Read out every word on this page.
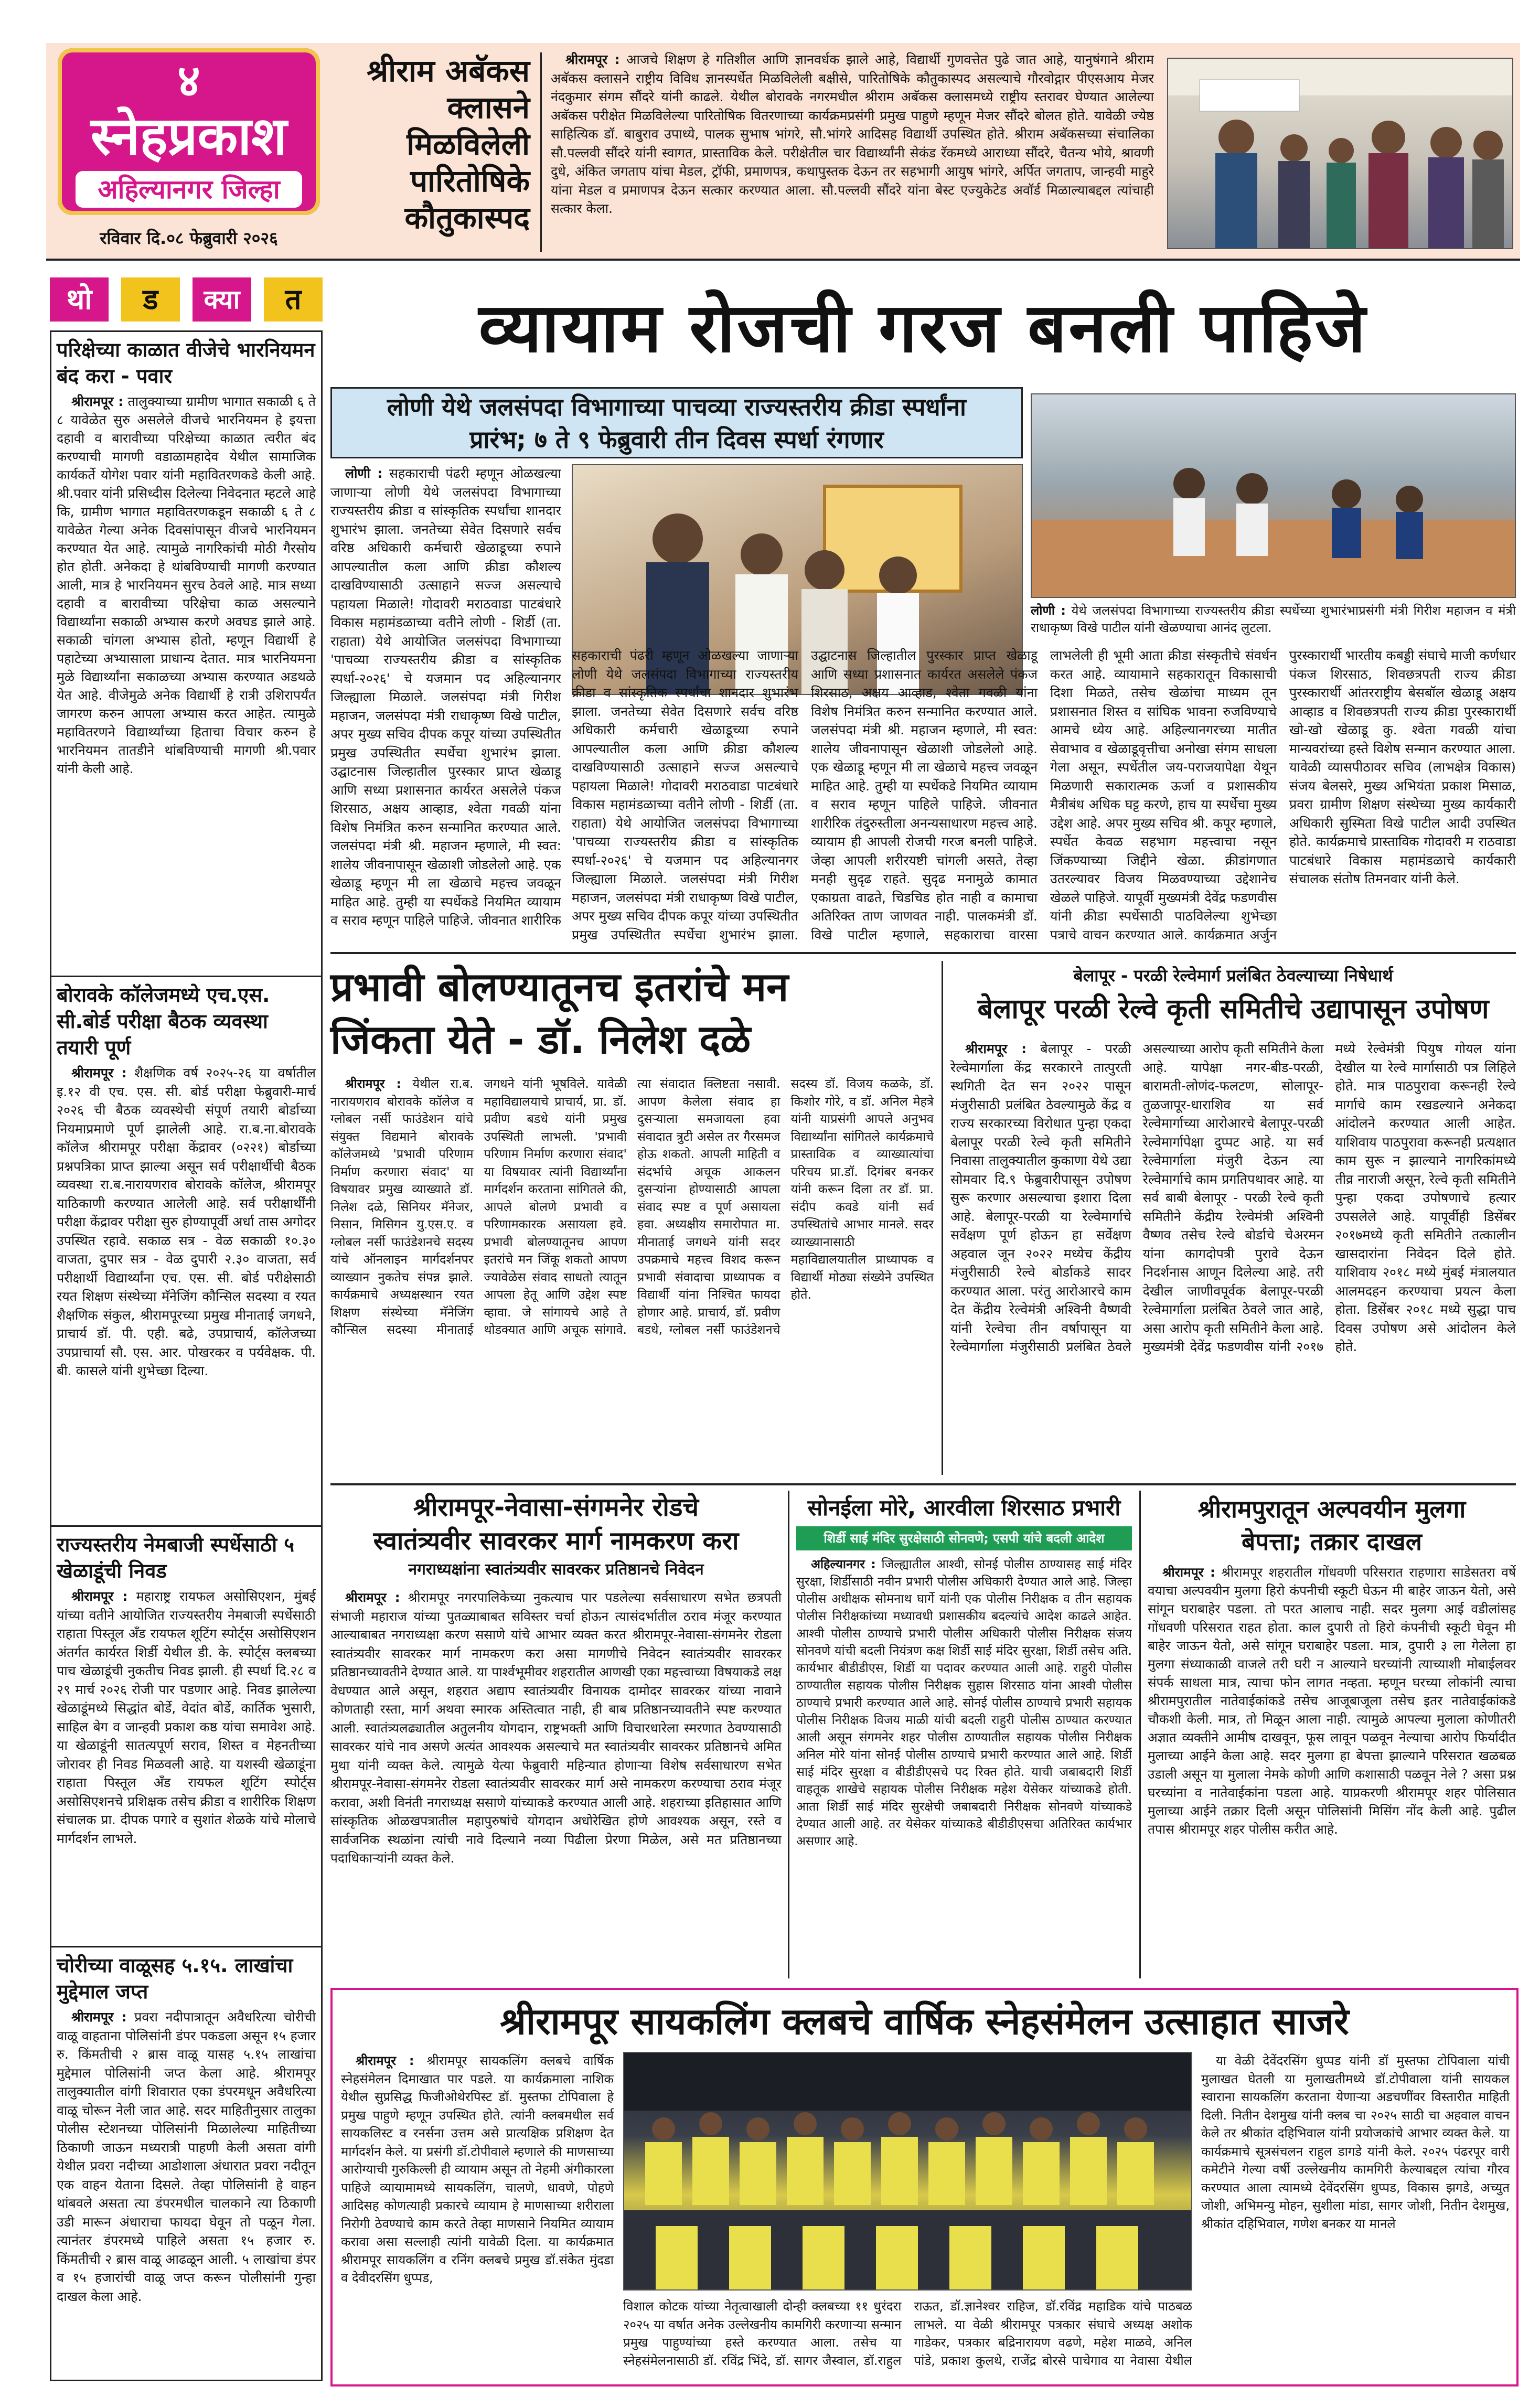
४
स्नेहप्रकाश
अहिल्यानगर जिल्हा
रविवार दि.०८ फेब्रुवारी २०२६
श्रीराम अबॅकस
क्लासने
मिळविलेली
पारितोषिके
कौतुकास्पद

श्रीरामपूर : आजचे शिक्षण हे गतिशील आणि ज्ञानवर्धक झाले आहे, विद्यार्थी गुणवत्तेत पुढे जात आहे, यानुषंगाने श्रीराम अबॅकस क्लासने राष्ट्रीय विविध ज्ञानस्पर्धेत मिळविलेली बक्षीसे, पारितोषिके कौतुकास्पद असल्याचे गौरवोद्गार पीएसआय मेजर नंदकुमार संगम सौंदरे यांनी काढले. येथील बोरावके नगरमधील श्रीराम अबॅकस क्लासमध्ये राष्ट्रीय स्तरावर घेण्यात आलेल्या अबॅकस परीक्षेत मिळविलेल्या पारितोषिक वितरणाच्या कार्यक्रमप्रसंगी प्रमुख पाहुणे म्हणून मेजर सौंदरे बोलत होते. यावेळी ज्येष्ठ साहित्यिक डॉ. बाबुराव उपाध्ये, पालक सुभाष भांगरे, सौ.भांगरे आदिसह विद्यार्थी उपस्थित होते. श्रीराम अबॅकसच्या संचालिका सौ.पल्लवी सौंदरे यांनी स्वागत, प्रास्ताविक केले. परीक्षेतील चार विद्यार्थ्यांनी सेकंड रॅकमध्ये आराध्या सौंदरे, चैतन्य भोये, श्रावणी दुधे, अंकित जगताप यांचा मेडल, ट्रॉफी, प्रमाणपत्र, कथापुस्तक देऊन तर सहभागी आयुष भांगरे, अर्पित जगताप, जान्हवी माहुरे यांना मेडल व प्रमाणपत्र देऊन सत्कार करण्यात आला. सौ.पल्लवी सौंदरे यांना बेस्ट एज्युकेटेड अवॉर्ड मिळाल्याबद्दल त्यांचाही सत्कार केला.

थो	ड	क्या	त
परिक्षेच्या काळात वीजेचे भारनियमन बंद करा - पवार

श्रीरामपूर : तालुक्याच्या ग्रामीण भागात सकाळी ६ ते ८ यावेळेत सुरु असलेले वीजचे भारनियमन हे इयत्ता दहावी व बारावीच्या परिक्षेच्या काळात त्वरीत बंद करण्याची मागणी वडाळामहादेव येथील सामाजिक कार्यकर्ते योगेश पवार यांनी महावितरणकडे केली आहे. श्री.पवार यांनी प्रसिध्दीस दिलेल्या निवेदनात म्हटले आहे कि, ग्रामीण भागात महावितरणकडून सकाळी ६ ते ८ यावेळेत गेल्या अनेक दिवसांपासून वीजचे भारनियमन करण्यात येत आहे. त्यामुळे नागरिकांची मोठी गैरसोय होत होती. अनेकदा हे थांबविण्याची मागणी करण्यात आली, मात्र हे भारनियमन सुरच ठेवले आहे. मात्र सध्या दहावी व बारावीच्या परिक्षेचा काळ असल्याने विद्यार्थ्यांना सकाळी अभ्यास करणे अवघड झाले आहे. सकाळी चांगला अभ्यास होतो, म्हणून विद्यार्थी हे पहाटेच्या अभ्यासाला प्राधान्य देतात. मात्र भारनियमना मुळे विद्यार्थ्यांना सकाळच्या अभ्यास करण्यात अडथळे येत आहे. वीजेमुळे अनेक विद्यार्थी हे रात्री उशिरापर्यंत जागरण करुन आपला अभ्यास करत आहेत. त्यामुळे महावितरणने विद्यार्थ्यांच्या हिताचा विचार करुन हे भारनियमन तातडीने थांबविण्याची मागणी श्री.पवार यांनी केली आहे.

बोरावके कॉलेजमध्ये एच.एस. सी.बोर्ड परीक्षा बैठक व्यवस्था तयारी पूर्ण

श्रीरामपूर : शैक्षणिक वर्ष २०२५-२६ या वर्षातील इ.१२ वी एच. एस. सी. बोर्ड परीक्षा फेब्रुवारी-मार्च २०२६ ची बैठक व्यवस्थेची संपूर्ण तयारी बोर्डाच्या नियमाप्रमाणे पूर्ण झालेली आहे. रा.ब.ना.बोरावके कॉलेज श्रीरामपूर परीक्षा केंद्रावर (०२२१) बोर्डाच्या प्रश्नपत्रिका प्राप्त झाल्या असून सर्व परीक्षार्थीची बैठक व्यवस्था रा.ब.नारायणराव बोरावके कॉलेज, श्रीरामपूर याठिकाणी करण्यात आलेली आहे. सर्व परीक्षार्थींनी परीक्षा केंद्रावर परीक्षा सुरु होण्यापूर्वी अर्धा तास अगोदर उपस्थित रहावे. सकाळ सत्र - वेळ सकाळी १०.३० वाजता, दुपार सत्र - वेळ दुपारी २.३० वाजता, सर्व परीक्षार्थी विद्यार्थ्यांना एच. एस. सी. बोर्ड परीक्षेसाठी रयत शिक्षण संस्थेच्या मॅनेजिंग कौन्सिल सदस्या व रयत शैक्षणिक संकुल, श्रीरामपूरच्या प्रमुख मीनाताई जगधने, प्राचार्य डॉ. पी. एही. बढे, उपप्राचार्य, कॉलेजच्या उपप्राचार्या सौ. एस. आर. पोखरकर व पर्यवेक्षक. पी. बी. कासले यांनी शुभेच्छा दिल्या.

राज्यस्तरीय नेमबाजी स्पर्धेसाठी ५ खेळाडूंची निवड

श्रीरामपूर : महाराष्ट्र रायफल असोसिएशन, मुंबई यांच्या वतीने आयोजित राज्यस्तरीय नेमबाजी स्पर्धेसाठी राहाता पिस्तूल अँड रायफल शूटिंग स्पोर्ट्स असोसिएशन अंतर्गत कार्यरत शिर्डी येथील डी. के. स्पोर्ट्स क्लबच्या पाच खेळाडूंची नुकतीच निवड झाली. ही स्पर्धा दि.२८ व २९ मार्च २०२६ रोजी पार पडणार आहे. निवड झालेल्या खेळाडूंमध्ये सिद्धांत बोर्डे, वेदांत बोर्डे, कार्तिक भुसारी, साहिल बेग व जान्हवी प्रकाश कष्ठ यांचा समावेश आहे. या खेळाडूंनी सातत्यपूर्ण सराव, शिस्त व मेहनतीच्या जोरावर ही निवड मिळवली आहे. या यशस्वी खेळाडूंना राहाता पिस्तूल अँड रायफल शूटिंग स्पोर्ट्स असोसिएशनचे प्रशिक्षक तसेच क्रीडा व शारीरिक शिक्षण संचालक प्रा. दीपक पगारे व सुशांत शेळके यांचे मोलाचे मार्गदर्शन लाभले.

चोरीच्या वाळूसह ५.१५. लाखांचा मुद्देमाल जप्त

श्रीरामपूर : प्रवरा नदीपात्रातून अवैधरित्या चोरीची वाळू वाहताना पोलिसांनी डंपर पकडला असून १५ हजार रु. किंमतीची २ ब्रास वाळू यासह ५.१५ लाखांचा मुद्देमाल पोलिसांनी जप्त केला आहे. श्रीरामपूर तालुक्यातील वांगी शिवारात एका डंपरमधून अवैधरित्या वाळू चोरून नेली जात आहे. सदर माहितीनुसार तालुका पोलीस स्टेशनच्या पोलिसांनी मिळालेल्या माहितीच्या ठिकाणी जाऊन मध्यरात्री पाहणी केली असता वांगी येथील प्रवरा नदीच्या आडोशाला अंधारात प्रवरा नदीतून एक वाहन येताना दिसले. तेव्हा पोलिसांनी हे वाहन थांबवले असता त्या डंपरमधील चालकाने त्या ठिकाणी उडी मारून अंधाराचा फायदा घेवून तो पळून गेला. त्यानंतर डंपरमध्ये पाहिले असता १५ हजार रु. किंमतीची २ ब्रास वाळू आढळून आली. ५ लाखांचा डंपर व १५ हजारांची वाळू जप्त करून पोलीसांनी गुन्हा दाखल केला आहे.

व्यायाम रोजची गरज बनली पाहिजे
लोणी येथे जलसंपदा विभागाच्या पाचव्या राज्यस्तरीय क्रीडा स्पर्धांना
प्रारंभ; ७ ते ९ फेब्रुवारी तीन दिवस स्पर्धा रंगणार

लोणी : सहकाराची पंढरी म्हणून ओळखल्या जाणाऱ्या लोणी येथे जलसंपदा विभागाच्या राज्यस्तरीय क्रीडा व सांस्कृतिक स्पर्धांचा शानदार शुभारंभ झाला. जनतेच्या सेवेत दिसणारे सर्वच वरिष्ठ अधिकारी कर्मचारी खेळाडूच्या रुपाने आपल्यातील कला आणि क्रीडा कौशल्य दाखविण्यासाठी उत्साहाने सज्ज असल्याचे पहायला मिळाले! गोदावरी मराठवाडा पाटबंधारे विकास महामंडळाच्या वतीने लोणी - शिर्डी (ता. राहाता) येथे आयोजित जलसंपदा विभागाच्या 'पाचव्या राज्यस्तरीय क्रीडा व सांस्कृतिक स्पर्धा-२०२६' चे यजमान पद अहिल्यानगर जिल्ह्याला मिळाले. जलसंपदा मंत्री गिरीश महाजन, जलसंपदा मंत्री राधाकृष्ण विखे पाटील, अपर मुख्य सचिव दीपक कपूर यांच्या उपस्थितीत प्रमुख उपस्थितीत स्पर्धेचा शुभारंभ झाला. उद्घाटनास जिल्हातील पुरस्कार प्राप्त खेळाडू आणि सध्या प्रशासनात कार्यरत असलेले पंकज शिरसाठ, अक्षय आव्हाड, श्वेता गवळी यांना विशेष निमंत्रित करुन सन्मानित करण्यात आले. जलसंपदा मंत्री श्री. महाजन म्हणाले, मी स्वत: शालेय जीवनापासून खेळाशी जोडलेलो आहे. एक खेळाडू म्हणून मी ला खेळाचे महत्त्व जवळून माहित आहे. तुम्ही या स्पर्धेकडे नियमित व्यायाम व सराव म्हणून पाहिले पाहिजे. जीवनात शारीरिक

लोणी : येथे जलसंपदा विभागाच्या राज्यस्तरीय क्रीडा स्पर्धेच्या शुभारंभाप्रसंगी मंत्री गिरीश महाजन व मंत्री राधाकृष्ण विखे पाटील यांनी खेळण्याचा आनंद लुटला.

सहकाराची पंढरी म्हणून ओळखल्या जाणाऱ्या लोणी येथे जलसंपदा विभागाच्या राज्यस्तरीय क्रीडा व सांस्कृतिक स्पर्धांचा शानदार शुभारंभ झाला. जनतेच्या सेवेत दिसणारे सर्वच वरिष्ठ अधिकारी कर्मचारी खेळाडूच्या रुपाने आपल्यातील कला आणि क्रीडा कौशल्य दाखविण्यासाठी उत्साहाने सज्ज असल्याचे पहायला मिळाले! गोदावरी मराठवाडा पाटबंधारे विकास महामंडळाच्या वतीने लोणी - शिर्डी (ता. राहाता) येथे आयोजित जलसंपदा विभागाच्या 'पाचव्या राज्यस्तरीय क्रीडा व सांस्कृतिक स्पर्धा-२०२६' चे यजमान पद अहिल्यानगर जिल्ह्याला मिळाले. जलसंपदा मंत्री गिरीश महाजन, जलसंपदा मंत्री राधाकृष्ण विखे पाटील, अपर मुख्य सचिव दीपक कपूर यांच्या उपस्थितीत प्रमुख उपस्थितीत स्पर्धेचा शुभारंभ झाला. उद्घाटनास जिल्हातील पुरस्कार प्राप्त खेळाडू आणि सध्या प्रशासनात कार्यरत असलेले पंकज शिरसाठ, अक्षय आव्हाड, श्वेता गवळी यांना विशेष निमंत्रित करुन सन्मानित करण्यात आले. जलसंपदा मंत्री श्री. महाजन म्हणाले, मी स्वत: शालेय जीवनापासून खेळाशी जोडलेलो आहे. एक खेळाडू म्हणून मी ला खेळाचे महत्त्व जवळून माहित आहे. तुम्ही या स्पर्धेकडे नियमित व्यायाम व सराव म्हणून पाहिले पाहिजे. जीवनात शारीरिक तंदुरुस्तीला अनन्यसाधारण महत्त्व आहे. व्यायाम ही आपली रोजची गरज बनली पाहिजे. जेव्हा आपली शरीरयष्टी चांगली असते, तेव्हा मनही सुदृढ राहते. सुदृढ मनामुळे कामात एकाग्रता वाढते, चिडचिड होत नाही व कामाचा अतिरिक्त ताण जाणवत नाही. पालकमंत्री डॉ. विखे पाटील म्हणाले, सहकाराचा वारसा लाभलेली ही भूमी आता क्रीडा संस्कृतीचे संवर्धन करत आहे. व्यायामाने सहकारातून विकासाची दिशा मिळते, तसेच खेळांचा माध्यम तून प्रशासनात शिस्त व सांघिक भावना रुजविण्याचे आमचे ध्येय आहे. अहिल्यानगरच्या मातीत सेवाभाव व खेळाडूवृत्तीचा अनोखा संगम साधला गेला असून, स्पर्धेतील जय-पराजयापेक्षा येथून मिळणारी सकारात्मक ऊर्जा व प्रशासकीय मैत्रीबंध अधिक घट्ट करणे, हाच या स्पर्धेचा मुख्य उद्देश आहे. अपर मुख्य सचिव श्री. कपूर म्हणाले, स्पर्धेत केवळ सहभाग महत्त्वाचा नसून जिंकण्याच्या जिद्दीने खेळा. क्रीडांगणात उतरल्यावर विजय मिळवण्याच्या उद्देशानेच खेळले पाहिजे. यापूर्वी मुख्यमंत्री देवेंद्र फडणवीस यांनी क्रीडा स्पर्धेसाठी पाठविलेल्या शुभेच्छा पत्राचे वाचन करण्यात आले. कार्यक्रमात अर्जुन पुरस्कारार्थी भारतीय कबड्डी संघाचे माजी कर्णधार पंकज शिरसाठ, शिवछत्रपती राज्य क्रीडा पुरस्कारार्थी आंतरराष्ट्रीय बेसबॉल खेळाडू अक्षय आव्हाड व शिवछत्रपती राज्य क्रीडा पुरस्कारार्थी खो-खो खेळाडू कु. श्वेता गवळी यांचा मान्यवरांच्या हस्ते विशेष सन्मान करण्यात आला. यावेळी व्यासपीठावर सचिव (लाभक्षेत्र विकास) संजय बेलसरे, मुख्य अभियंता प्रकाश मिसाळ, प्रवरा ग्रामीण शिक्षण संस्थेच्या मुख्य कार्यकारी अधिकारी सुस्मिता विखे पाटील आदी उपस्थित होते. कार्यक्रमाचे प्रास्ताविक गोदावरी म राठवाडा पाटबंधारे विकास महामंडळाचे कार्यकारी संचालक संतोष तिमनवार यांनी केले.

प्रभावी बोलण्यातूनच इतरांचे मन
जिंकता येते - डॉ. निलेश दळे

श्रीरामपूर : येथील रा.ब. नारायणराव बोरावके कॉलेज व ग्लोबल नर्सी फाउंडेशन यांचे संयुक्त विद्यमाने बोरावके कॉलेजमध्ये 'प्रभावी परिणाम निर्माण करणारा संवाद' या विषयावर प्रमुख व्याख्याते डॉ. निलेश दळे, सिनियर मॅनेजर, निसान, मिसिगन यु.एस.ए. व ग्लोबल नर्सी फाउंडेशनचे सदस्य यांचे ऑनलाइन मार्गदर्शनपर व्याख्यान नुकतेच संपन्न झाले. कार्यक्रमाचे अध्यक्षस्थान रयत शिक्षण संस्थेच्या मॅनेजिंग कौन्सिल सदस्या मीनाताई जगधने यांनी भूषविले. यावेळी महाविद्यालयाचे प्राचार्य, प्रा. डॉ. प्रवीण बडधे यांनी प्रमुख उपस्थिती लाभली. 'प्रभावी परिणाम निर्माण करणारा संवाद' या विषयावर त्यांनी विद्यार्थ्यांना मार्गदर्शन करताना सांगितले की, आपले बोलणे प्रभावी व परिणामकारक असायला हवे. प्रभावी बोलण्यातूनच आपण इतरांचे मन जिंकू शकतो आपण ज्यावेळेस संवाद साधतो त्यातून आपला हेतू आणि उद्देश स्पष्ट व्हावा. जे सांगायचे आहे ते थोडक्यात आणि अचूक सांगावे. त्या संवादात क्लिष्टता नसावी. आपण केलेला संवाद हा दुसऱ्याला समजायला हवा संवादात त्रुटी असेल तर गैरसमज होऊ शकतो. आपली माहिती व संदर्भाचे अचूक आकलन दुसऱ्यांना होण्यासाठी आपला संवाद स्पष्ट व पूर्ण असायला हवा. अध्यक्षीय समारोपात मा. मीनाताई जगधने यांनी सदर उपक्रमाचे महत्त्व विशद करून प्रभावी संवादाचा प्राध्यापक व विद्यार्थी यांना निश्चित फायदा होणार आहे. प्राचार्य, डॉ. प्रवीण बडधे, ग्लोबल नर्सी फाउंडेशनचे सदस्य डॉ. विजय कळके, डॉ. किशोर गोरे, व डॉ. अनिल मेहत्रे यांनी याप्रसंगी आपले अनुभव विद्यार्थ्यांना सांगितले कार्यक्रमाचे प्रास्ताविक व व्याख्यात्यांचा परिचय प्रा.डॉ. दिगंबर बनकर यांनी करून दिला तर डॉ. प्रा. संदीप कवडे यांनी सर्व उपस्थितांचे आभार मानले. सदर व्याख्यानासाठी महाविद्यालयातील प्राध्यापक व विद्यार्थी मोठ्या संख्येने उपस्थित होते.

बेलापूर - परळी रेल्वेमार्ग प्रलंबित ठेवल्याच्या निषेधार्थ
बेलापूर परळी रेल्वे कृती समितीचे उद्यापासून उपोषण

श्रीरामपूर : बेलापूर - परळी रेल्वेमार्गाला केंद्र सरकारने तात्पुरती स्थगिती देत सन २०२२ पासून मंजुरीसाठी प्रलंबित ठेवल्यामुळे केंद्र व राज्य सरकारच्या विरोधात पुन्हा एकदा बेलापूर परळी रेल्वे कृती समितीने निवासा तालुक्यातील कुकाणा येथे उद्या सोमवार दि.९ फेब्रुवारीपासून उपोषण सुरू करणार असल्याचा इशारा दिला आहे. बेलापूर-परळी या रेल्वेमार्गाचे सर्वेक्षण पूर्ण होऊन हा सर्वेक्षण अहवाल जून २०२२ मध्येच केंद्रीय मंजुरीसाठी रेल्वे बोर्डाकडे सादर करण्यात आला. परंतु आरोआरचे काम देत केंद्रीय रेल्वेमंत्री अश्विनी वैष्णवी यांनी रेल्वेचा तीन वर्षापासून या रेल्वेमार्गाला मंजुरीसाठी प्रलंबित ठेवले असल्याच्या आरोप कृती समितीने केला आहे. यापेक्षा नगर-बीड-परळी, बारामती-लोणंद-फलटण, सोलापूर-तुळजापूर-धाराशिव या सर्व रेल्वेमार्गाच्या आरोआरचे बेलापूर-परळी रेल्वेमार्गापेक्षा दुप्पट आहे. या सर्व रेल्वेमार्गाला मंजुरी देऊन त्या रेल्वेमार्गाचे काम प्रगतिपथावर आहे. या सर्व बाबी बेलापूर - परळी रेल्वे कृती समितीने केंद्रीय रेल्वेमंत्री अश्विनी वैष्णव तसेच रेल्वे बोर्डाचे चेअरमन यांना कागदोपत्री पुरावे देऊन निदर्शनास आणून दिलेल्या आहे. तरी देखील जाणीवपूर्वक बेलापूर-परळी रेल्वेमार्गाला प्रलंबित ठेवले जात आहे, असा आरोप कृती समितीने केला आहे. मुख्यमंत्री देवेंद्र फडणवीस यांनी २०१७ मध्ये रेल्वेमंत्री पियुष गोयल यांना देखील या रेल्वे मार्गासाठी पत्र लिहिले होते. मात्र पाठपुरावा करूनही रेल्वे मार्गाचे काम रखडल्याने अनेकदा आंदोलने करण्यात आली आहेत. याशिवाय पाठपुरावा करूनही प्रत्यक्षात काम सुरू न झाल्याने नागरिकांमध्ये तीव्र नाराजी असून, रेल्वे कृती समितीने पुन्हा एकदा उपोषणाचे हत्यार उपसलेले आहे. यापूर्वीही डिसेंबर २०१७मध्ये कृती समितीने तत्कालीन खासदारांना निवेदन दिले होते. याशिवाय २०१८ मध्ये मुंबई मंत्रालयात आलमदहन करण्याचा प्रयत्न केला होता. डिसेंबर २०१८ मध्ये सुद्धा पाच दिवस उपोषण असे आंदोलन केले होते.

श्रीरामपूर-नेवासा-संगमनेर रोडचे
स्वातंत्र्यवीर सावरकर मार्ग नामकरण करा
नगराध्यक्षांना स्वातंत्र्यवीर सावरकर प्रतिष्ठानचे निवेदन

श्रीरामपूर : श्रीरामपूर नगरपालिकेच्या नुकत्याच पार पडलेल्या सर्वसाधारण सभेत छत्रपती संभाजी महाराज यांच्या पुतळ्याबाबत सविस्तर चर्चा होऊन त्यासंदर्भातील ठराव मंजूर करण्यात आल्याबाबत नगराध्यक्षा करण ससाणे यांचे आभार व्यक्त करत श्रीरामपूर-नेवासा-संगमनेर रोडला स्वातंत्र्यवीर सावरकर मार्ग नामकरण करा असा मागणीचे निवेदन स्वातंत्र्यवीर सावरकर प्रतिष्ठानच्यावतीने देण्यात आले. या पार्श्वभूमीवर शहरातील आणखी एका महत्त्वाच्या विषयाकडे लक्ष वेधण्यात आले असून, शहरात अद्याप स्वातंत्र्यवीर विनायक दामोदर सावरकर यांच्या नावाने कोणताही रस्ता, मार्ग अथवा स्मारक अस्तित्वात नाही, ही बाब प्रतिष्ठानच्यावतीने स्पष्ट करण्यात आली. स्वातंत्र्यलढ्यातील अतुलनीय योगदान, राष्ट्रभक्ती आणि विचारधारेला स्मरणात ठेवण्यासाठी सावरकर यांचे नाव असणे अत्यंत आवश्यक असल्याचे मत स्वातंत्र्यवीर सावरकर प्रतिष्ठानचे अमित मुथा यांनी व्यक्त केले. त्यामुळे येत्या फेब्रुवारी महिन्यात होणाऱ्या विशेष सर्वसाधारण सभेत श्रीरामपूर-नेवासा-संगमनेर रोडला स्वातंत्र्यवीर सावरकर मार्ग असे नामकरण करण्याचा ठराव मंजूर करावा, अशी विनंती नगराध्यक्ष ससाणे यांच्याकडे करण्यात आली आहे. शहराच्या इतिहासात आणि सांस्कृतिक ओळखपत्रातील महापुरुषांचे योगदान अधोरेखित होणे आवश्यक असून, रस्ते व सार्वजनिक स्थळांना त्यांची नावे दिल्याने नव्या पिढीला प्रेरणा मिळेल, असे मत प्रतिष्ठानच्या पदाधिकाऱ्यांनी व्यक्त केले.

सोनईला मोरे, आरवीला शिरसाठ प्रभारी
शिर्डी साई मंदिर सुरक्षेसाठी सोनवणे; एसपी यांचे बदली आदेश

अहिल्यानगर : जिल्ह्यातील आश्वी, सोनई पोलीस ठाण्यासह साई मंदिर सुरक्षा, शिर्डीसाठी नवीन प्रभारी पोलीस अधिकारी देण्यात आले आहे. जिल्हा पोलीस अधीक्षक सोमनाथ घार्गे यांनी एक पोलीस निरीक्षक व तीन सहायक पोलीस निरीक्षकांच्या मध्यावधी प्रशासकीय बदल्यांचे आदेश काढले आहेत. आश्वी पोलीस ठाण्याचे प्रभारी पोलीस अधिकारी पोलीस निरीक्षक संजय सोनवणे यांची बदली नियंत्रण कक्ष शिर्डी साई मंदिर सुरक्षा, शिर्डी तसेच अति. कार्यभार बीडीडीएस, शिर्डी या पदावर करण्यात आली आहे. राहुरी पोलीस ठाण्यातील सहायक पोलीस निरीक्षक सुहास शिरसाठ यांना आश्वी पोलीस ठाण्याचे प्रभारी करण्यात आले आहे. सोनई पोलीस ठाण्याचे प्रभारी सहायक पोलीस निरीक्षक विजय माळी यांची बदली राहुरी पोलीस ठाण्यात करण्यात आली असून संगमनेर शहर पोलीस ठाण्यातील सहायक पोलीस निरीक्षक अनिल मोरे यांना सोनई पोलीस ठाण्याचे प्रभारी करण्यात आले आहे. शिर्डी साई मंदिर सुरक्षा व बीडीडीएसचे पद रिक्त होते. याची जबाबदारी शिर्डी वाहतूक शाखेचे सहायक पोलीस निरीक्षक महेश येसेकर यांच्याकडे होती. आता शिर्डी साई मंदिर सुरक्षेची जबाबदारी निरीक्षक सोनवणे यांच्याकडे देण्यात आली आहे. तर येसेकर यांच्याकडे बीडीडीएसचा अतिरिक्त कार्यभार असणार आहे.

श्रीरामपुरातून अल्पवयीन मुलगा
बेपत्ता; तक्रार दाखल

श्रीरामपूर : श्रीरामपूर शहरातील गोंधवणी परिसरात राहणारा साडेसतरा वर्षे वयाचा अल्पवयीन मुलगा हिरो कंपनीची स्कूटी घेऊन मी बाहेर जाऊन येतो, असे सांगून घराबाहेर पडला. तो परत आलाच नाही. सदर मुलगा आई वडीलांसह गोंधवणी परिसरात राहत होता. काल दुपारी तो हिरो कंपनीची स्कूटी घेवून मी बाहेर जाऊन येतो, असे सांगून घराबाहेर पडला. मात्र, दुपारी ३ ला गेलेला हा मुलगा संध्याकाळी वाजले तरी घरी न आल्याने घरच्यांनी त्याच्याशी मोबाईलवर संपर्क साधला मात्र, त्याचा फोन लागत नव्हता. म्हणून घरच्या लोकांनी त्याचा श्रीरामपुरातील नातेवाईकांकडे तसेच आजूबाजूला तसेच इतर नातेवाईकांकडे चौकशी केली. मात्र, तो मिळून आला नाही. त्यामुळे आपल्या मुलाला कोणीतरी अज्ञात व्यक्तीने आमीष दाखवून, फूस लावून पळवून नेल्याचा आरोप फिर्यादीत मुलाच्या आईने केला आहे. सदर मुलगा हा बेपत्ता झाल्याने परिसरात खळबळ उडाली असून या मुलाला नेमके कोणी आणि कशासाठी पळवून नेले ? असा प्रश्न घरच्यांना व नातेवाईकांना पडला आहे. याप्रकरणी श्रीरामपूर शहर पोलिसात मुलाच्या आईने तक्रार दिली असून पोलिसांनी मिसिंग नोंद केली आहे. पुढील तपास श्रीरामपूर शहर पोलीस करीत आहे.

श्रीरामपूर सायकलिंग क्लबचे वार्षिक स्नेहसंमेलन उत्साहात साजरे

श्रीरामपूर : श्रीरामपूर सायकलिंग क्लबचे वार्षिक स्नेहसंमेलन दिमाखात पार पडले. या कार्यक्रमाला नाशिक येथील सुप्रसिद्ध फिजीओथेरपिस्ट डॉ. मुस्तफा टोपिवाला हे प्रमुख पाहुणे म्हणून उपस्थित होते. त्यांनी क्लबमधील सर्व सायकलिस्ट व रनर्सना उत्तम असे प्रात्यक्षिक प्रशिक्षण देत मार्गदर्शन केले. या प्रसंगी डॉ.टोपीवाले म्हणाले की माणसाच्या आरोग्याची गुरुकिल्ली ही व्यायाम असून तो नेहमी अंगीकारला पाहिजे व्यायामामध्ये सायकलिंग, चालणे, धावणे, पोहणे आदिसह कोणत्याही प्रकारचे व्यायाम हे माणसाच्या शरीराला निरोगी ठेवण्याचे काम करते तेव्हा माणसाने नियमित व्यायाम करावा असा सल्लाही त्यांनी यावेळी दिला. या कार्यक्रमात श्रीरामपूर सायकलिंग व रनिंग क्लबचे प्रमुख डॉ.संकेत मुंदडा व देवीदरसिंग धुप्पड,

विशाल कोटक यांच्या नेतृत्वाखाली दोन्ही क्लबच्या ११ धुरंदरा २०२५ या वर्षात अनेक उल्लेखनीय कामगिरी करणाऱ्या सन्मान प्रमुख पाहुण्यांच्या हस्ते करण्यात आला. तसेच या स्नेहसंमेलनासाठी डॉ. रविंद्र भिंदे, डॉ. सागर जैस्वाल, डॉ.राहुल राऊत, डॉ.ज्ञानेश्वर राहिज, डॉ.रविंद्र महाडिक यांचे पाठबळ लाभले. या वेळी श्रीरामपूर पत्रकार संघाचे अध्यक्ष अशोक गाडेकर, पत्रकार बद्रिनारायण वढणे, महेश माळवे, अनिल पांडे, प्रकाश कुलथे, राजेंद्र बोरसे पाचेगाव या नेवासा येथील

या वेळी देवेंदरसिंग धुप्पड यांनी डॉ मुस्तफा टोपिवाला यांची मुलाखत घेतली या मुलाखतीमध्ये डॉ.टोपीवाला यांनी सायकल स्वाराना सायकलिंग करताना येणाऱ्या अडचणींवर विस्तारीत माहिती दिली. नितीन देशमुख यांनी क्लब चा २०२५ साठी चा अहवाल वाचन केले तर श्रीकांत दहिभिवाल यांनी प्रयोजकांचे आभार व्यक्त केले. या कार्यक्रमाचे सूत्रसंचलन राहुल डागडे यांनी केले. २०२५ पंढरपूर वारी कमेटीने गेल्या वर्षी उल्लेखनीय कामगिरी केल्याबद्दल त्यांचा गौरव करण्यात आला त्यामध्ये देवेंदरसिंग धुप्पड, विकास झगडे, अच्युत जोशी, अभिमन्यु मोहन, सुशीला मांडा, सागर जोशी, नितीन देशमुख, श्रीकांत दहिभिवाल, गणेश बनकर या मानले
